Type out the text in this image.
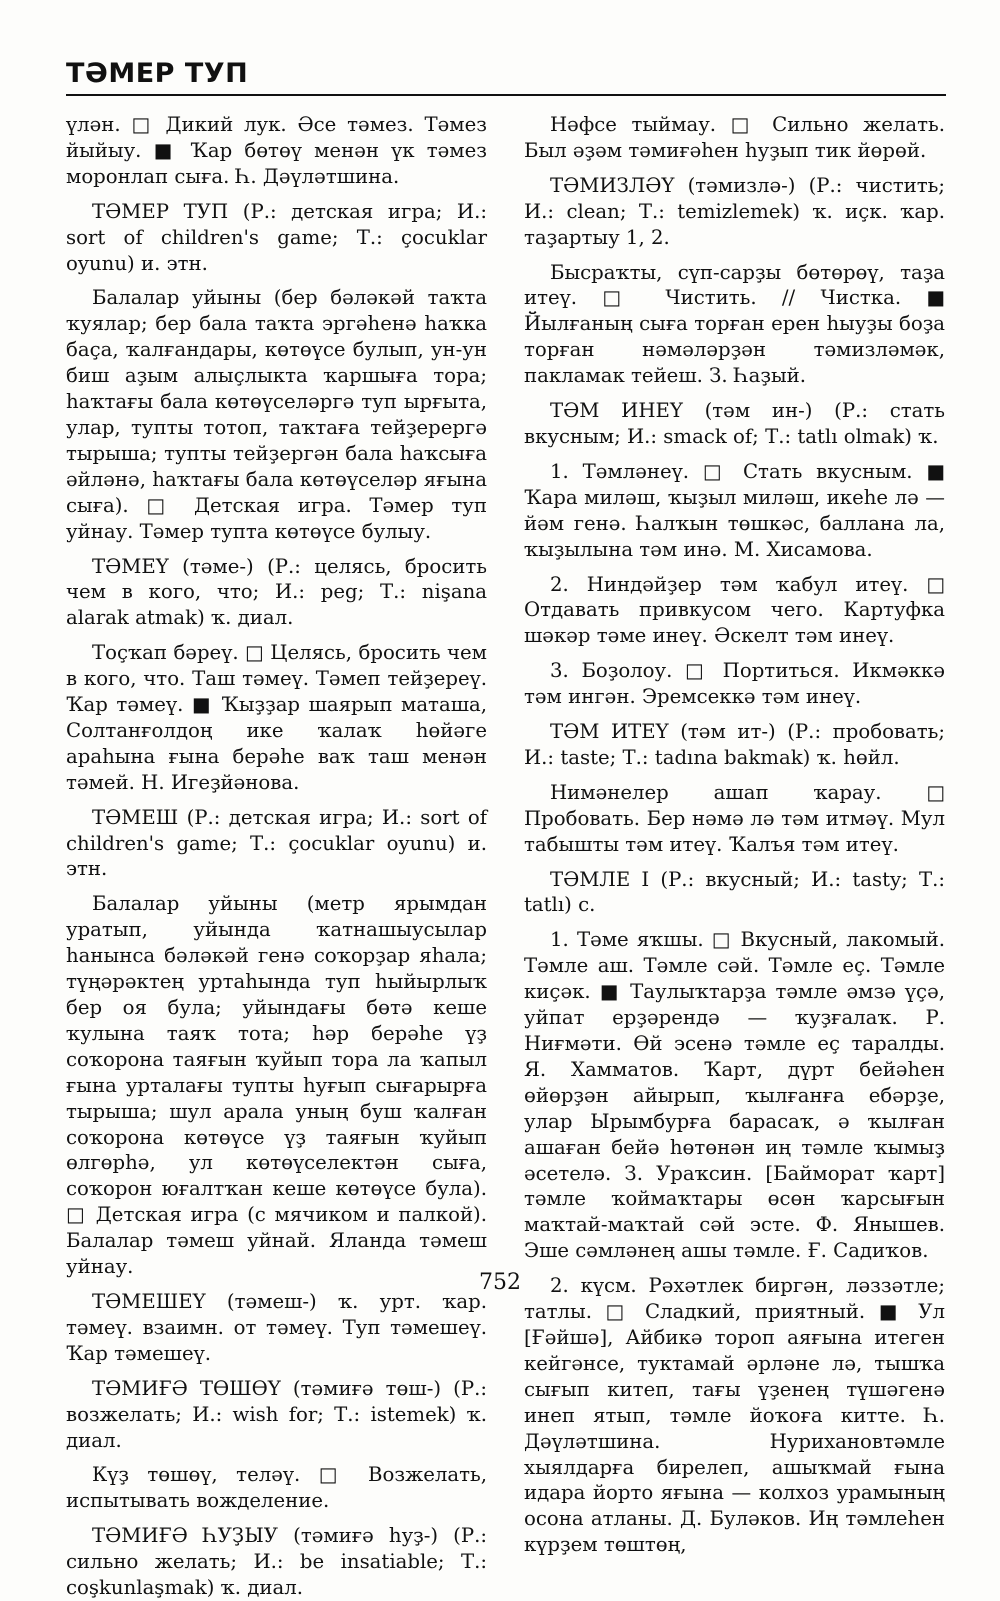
ТӘМЕР ТУП

үлән. □ Дикий лук. Әсе тәмез. Тәмез йыйыу. ■ Ҡар бөтөү менән үк тәмез моронлап сыға. Һ. Дәүләтшина.

ТӘМЕР ТУП (Р.: детская игра; И.: sort of children's game; Т.: çocuklar oyunu) и. этн.

Балалар уйыны (бер бәләкәй таҡта ҡуялар; бер бала таҡта эргәһенә һаҡка баҫа, ҡалғандары, көтөүсе булып, ун-ун биш аҙым алыҫлыкта ҡаршыға тора; һаҡтағы бала көтөүселәргә туп ырғыта, улар, тупты тотоп, таҡтаға тейҙерергә тырыша; тупты тейҙергән бала һаҡсыға әйләнә, һаҡтағы бала көтөүселәр яғына сыға). □ Детская игра. Тәмер туп уйнау. Тәмер тупта көтөүсе булыу.

ТӘМЕҮ (тәме-) (Р.: целясь, бросить чем в кого, что; И.: peg; Т.: nişana alarak atmak) ҡ. диал.

Тоҫҡап бәреү. □ Целясь, бросить чем в кого, что. Таш тәмеү. Тәмеп тейҙереү. Ҡар тәмеү. ■ Ҡыҙҙар шаярып маташа, Солтанғолдоң ике ҡалаҡ һөйәге араһына ғына берәһе ваҡ таш менән тәмей. Н. Игеҙйәнова.

ТӘМЕШ (Р.: детская игра; И.: sort of children's game; Т.: çocuklar oyunu) и. этн.

Балалар уйыны (метр ярымдан уратып, уйында ҡатнашыусылар һанынса бәләкәй генә соҡорҙар яһала; түңәрәктең уртаһында туп һыйырлыҡ бер оя була; уйындағы бөтә кеше ҡулына таяҡ тота; һәр берәһе үҙ соҡорона таяғын ҡуйып тора ла ҡапыл ғына урталағы тупты һуғып сығарырға тырыша; шул арала уның буш ҡалған соҡорона көтөүсе үҙ таяғын ҡуйып өлгөрһә, ул көтөүселектән сыға, соҡорон юғалтҡан кеше көтөүсе була). □ Детская игра (с мячиком и палкой). Балалар тәмеш уйнай. Яланда тәмеш уйнау.

ТӘМЕШЕҮ (тәмеш-) ҡ. урт. ҡар. тәмеү. взаимн. от тәмеү. Туп тәмешеү. Ҡар тәмешеү.

ТӘМИҒӘ ТӨШӨҮ (тәмиғә төш-) (Р.: возжелать; И.: wish for; Т.: istemek) ҡ. диал.

Күҙ төшөү, теләү. □ Возжелать, испытывать вожделение.

ТӘМИҒӘ ҺУҘЫУ (тәмиғә һуҙ-) (Р.: сильно желать; И.: be insatiable; Т.: coşkunlaşmak) ҡ. диал.

Нәфсе тыймау. □ Сильно желать. Был әҙәм тәмиғәһен һуҙып тик йөрөй.

ТӘМИЗЛӘҮ (тәмизлә-) (Р.: чистить; И.: clean; Т.: temizlemek) ҡ. иҫк. ҡар. таҙартыу 1, 2.

Бысраҡты, сүп-сарҙы бөтөрөү, таҙа итеү. □ Чистить. // Чистка. ■ Йылғаның сыға торған ерен һыуҙы боҙа торған нәмәләрҙән тәмизләмәк, пакламак тейеш. З. Һаҙый.

ТӘМ ИНЕҮ (тәм ин-) (Р.: стать вкусным; И.: smack of; Т.: tatlı olmak) ҡ.

1. Тәмләнеү. □ Стать вкусным. ■ Ҡара миләш, ҡыҙыл миләш, икеһе лә — йәм генә. Һалҡын төшкәс, баллана ла, ҡыҙылына тәм инә. М. Хисамова.

2. Ниндәйҙер тәм ҡабул итеү. □ Отдавать привкусом чего. Картуфка шәкәр тәме инеү. Әскелт тәм инеү.

3. Боҙолоу. □ Портиться. Икмәккә тәм ингән. Эремсеккә тәм инеү.

ТӘМ ИТЕҮ (тәм ит-) (Р.: пробовать; И.: taste; Т.: tadına bakmak) ҡ. һөйл.

Нимәнелер ашап ҡарау. □ Пробовать. Бер нәмә лә тәм итмәү. Мул табышты тәм итеү. Ҡалъя тәм итеү.

ТӘМЛЕ I (Р.: вкусный; И.: tasty; Т.: tatlı) с.

1. Тәме яҡшы. □ Вкусный, лакомый. Тәмле аш. Тәмле сәй. Тәмле еҫ. Тәмле киҫәк. ■ Таулыҡтарҙа тәмле әмзә үҫә, уйпат ерҙәрендә — ҡуҙғалаҡ. Р. Ниғмәти. Өй эсенә тәмле еҫ таралды. Я. Хамматов. Ҡарт, дүрт бейәһен өйөрҙән айырып, ҡылғанға ебәрҙе, улар Ырымбурға барасаҡ, ә ҡылған ашаған бейә һөтөнән иң тәмле ҡымыҙ әсетелә. З. Ураҡсин. [Байморат ҡарт] тәмле ҡоймаҡтары өсөн ҡарсығын маҡтай-маҡтай сәй эсте. Ф. Янышев. Эше сәмләнең ашы тәмле. Ғ. Садиҡов.

2. күсм. Рәхәтлек биргән, ләззәтле; татлы. □ Сладкий, приятный. ■ Ул [Ғәйшә], Айбикә тороп аяғына итеген кейгәнсе, туктамай әрләне лә, тышҡа сығып китеп, тағы үҙенең түшәгенә инеп ятып, тәмле йоҡоға китте. Һ. Дәүләтшина. Нурихановтәмле хыялдарға бирелеп, ашыҡмай ғына идара йорто яғына — колхоз урамының осона атланы. Д. Буләков. Иң тәмлеһен күрҙем төштөң,

752
